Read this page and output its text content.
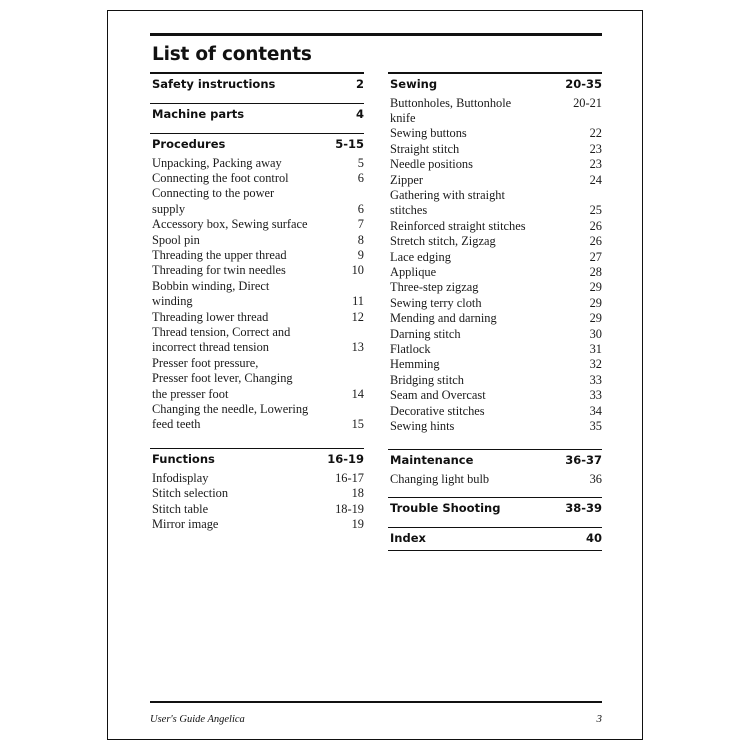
List of contents
Safety instructions	2
Machine parts	4
Procedures	5-15
Unpacking, Packing away	5
Connecting the foot control	6
Connecting to the power
supply	6
Accessory box, Sewing surface	7
Spool pin	8
Threading the upper thread	9
Threading for twin needles	10
Bobbin winding, Direct
winding	11
Threading lower thread	12
Thread tension, Correct and
incorrect thread tension	13
Presser foot pressure,
Presser foot lever, Changing
the presser foot	14
Changing the needle, Lowering
feed teeth	15
Functions	16-19
Infodisplay	16-17
Stitch selection	18
Stitch table	18-19
Mirror image	19
Sewing	20-35
Buttonholes, Buttonhole	20-21
knife
Sewing buttons	22
Straight stitch	23
Needle positions	23
Zipper	24
Gathering with straight
stitches	25
Reinforced straight stitches	26
Stretch stitch, Zigzag	26
Lace edging	27
Applique	28
Three-step zigzag	29
Sewing terry cloth	29
Mending and darning	29
Darning stitch	30
Flatlock	31
Hemming	32
Bridging stitch	33
Seam and Overcast	33
Decorative stitches	34
Sewing hints	35
Maintenance	36-37
Changing light bulb	36
Trouble Shooting	38-39
Index	40
User's Guide Angelica	3
